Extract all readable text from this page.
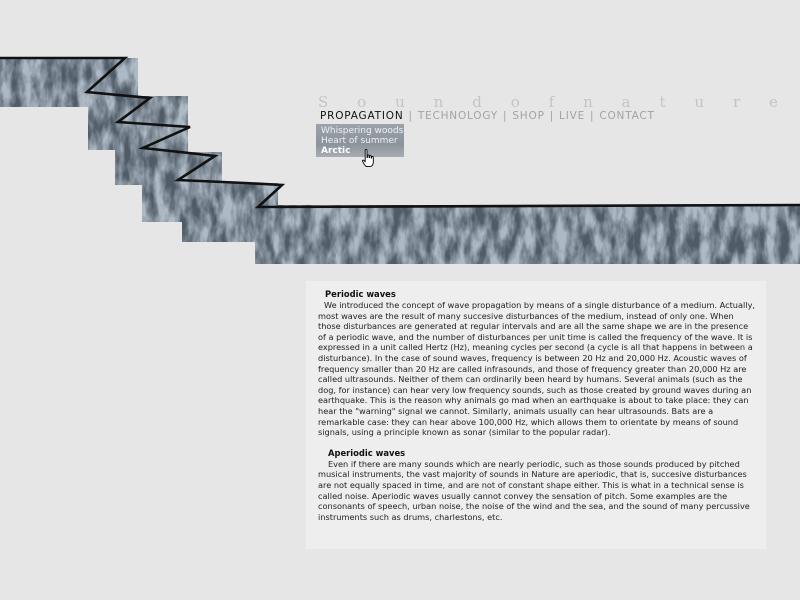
S o u n d o f n a t u r e
PROPAGATION | TECHNOLOGY | SHOP | LIVE | CONTACT
Whispering woods
Heart of summer
Arctic
Periodic waves

We introduced the concept of wave propagation by means of a single disturbance of a medium. Actually, most waves are the result of many succesive disturbances of the medium, instead of only one. When those disturbances are generated at regular intervals and are all the same shape we are in the presence of a periodic wave, and the number of disturbances per unit time is called the frequency of the wave. It is expressed in a unit called Hertz (Hz), meaning cycles per second (a cycle is all that happens in between a disturbance). In the case of sound waves, frequency is between 20 Hz and 20,000 Hz. Acoustic waves of frequency smaller than 20 Hz are called infrasounds, and those of frequency greater than 20,000 Hz are called ultrasounds. Neither of them can ordinarily been heard by humans. Several animals (such as the dog, for instance) can hear very low frequency sounds, such as those created by ground waves during an earthquake. This is the reason why animals go mad when an earthquake is about to take place: they can hear the "warning" signal we cannot. Similarly, animals usually can hear ultrasounds. Bats are a remarkable case: they can hear above 100,000 Hz, which allows them to orientate by means of sound signals, using a principle known as sonar (similar to the popular radar).

Aperiodic waves

Even if there are many sounds which are nearly periodic, such as those sounds produced by pitched musical instruments, the vast majority of sounds in Nature are aperiodic, that is, succesive disturbances are not equally spaced in time, and are not of constant shape either. This is what in a technical sense is called noise. Aperiodic waves usually cannot convey the sensation of pitch. Some examples are the consonants of speech, urban noise, the noise of the wind and the sea, and the sound of many percussive instruments such as drums, charlestons, etc.
